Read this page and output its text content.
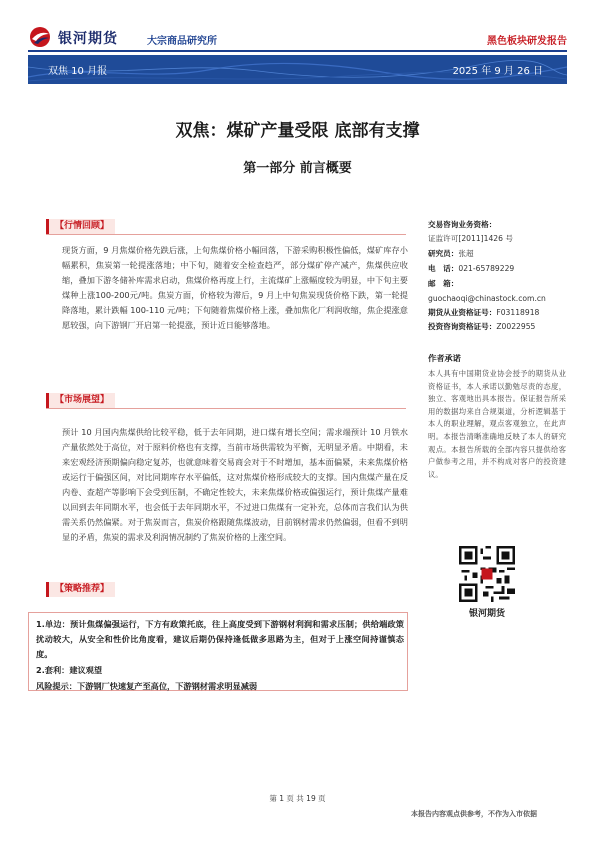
银河期货	大宗商品研究所	黑色板块研发报告
双焦 10 月报	2025 年 9 月 26 日
双焦：煤矿产量受限 底部有支撑
第一部分 前言概要
【行情回顾】
现货方面，9 月焦煤价格先跌后涨，上旬焦煤价格小幅回落，下游采购积极性偏低，煤矿库存小幅累积，焦炭第一轮提涨落地；中下旬，随着安全检查趋严，部分煤矿停产减产，焦煤供应收缩，叠加下游冬储补库需求启动，焦煤价格再度上行，主流煤矿上涨幅度较为明显，中下旬主要煤种上涨100-200元/吨。焦炭方面，价格较为滞后，9 月上中旬焦炭现货价格下跌，第一轮提降落地，累计跌幅 100-110 元/吨；下旬随着焦煤价格上涨，叠加焦化厂利润收缩，焦企提涨意愿较强，向下游钢厂开启第一轮提涨，预计近日能够落地。
【市场展望】
预计 10 月国内焦煤供给比较平稳，低于去年同期，进口煤有增长空间；需求端预计 10 月铁水产量依然处于高位，对于原料价格也有支撑，当前市场供需较为平衡，无明显矛盾。中期看，未来宏观经济预期偏向稳定复苏，也就意味着交易商会对于不时增加，基本面偏紧，未来焦煤价格或运行于偏强区间，对比同期库存水平偏低，这对焦煤价格形成较大的支撑。国内焦煤产量在反内卷、查超产等影响下会受到压制，不确定性较大，未来焦煤价格或偏强运行，预计焦煤产量难以回到去年同期水平，也会低于去年同期水平，不过进口焦煤有一定补充，总体而言我们认为供需关系仍然偏紧。对于焦炭而言，焦炭价格跟随焦煤波动，目前钢材需求仍然偏弱，但看不到明显的矛盾，焦炭的需求及利润情况制约了焦炭价格的上涨空间。
【策略推荐】
1.单边：预计焦煤偏强运行，下方有政策托底，往上高度受到下游钢材利润和需求压制；供给端政策扰动较大，从安全和性价比角度看，建议后期仍保持逢低做多思路为主，但对于上涨空间持谨慎态度。
2.套利：建议观望
风险提示：下游钢厂快速复产至高位，下游钢材需求明显减弱
交易咨询业务资格：
证监许可[2011]1426 号
研究员：张超
电　话：021-65789229
邮　箱：
guochaoqi@chinastock.com.cn
期货从业资格证号：F03118918
投资咨询资格证号：Z0022955
作者承诺
本人具有中国期货业协会授予的期货从业资格证书，本人承诺以勤勉尽责的态度，独立、客观地出具本报告。保证报告所采用的数据均来自合规渠道，分析逻辑基于本人的职业理解，观点客观独立，在此声明。本报告清晰准确地反映了本人的研究观点。本报告所载的全部内容只提供给客户做参考之用，并不构成对客户的投资建议。
银河期货
第 1 页 共 19 页
本报告内容观点供参考，不作为入市依据
